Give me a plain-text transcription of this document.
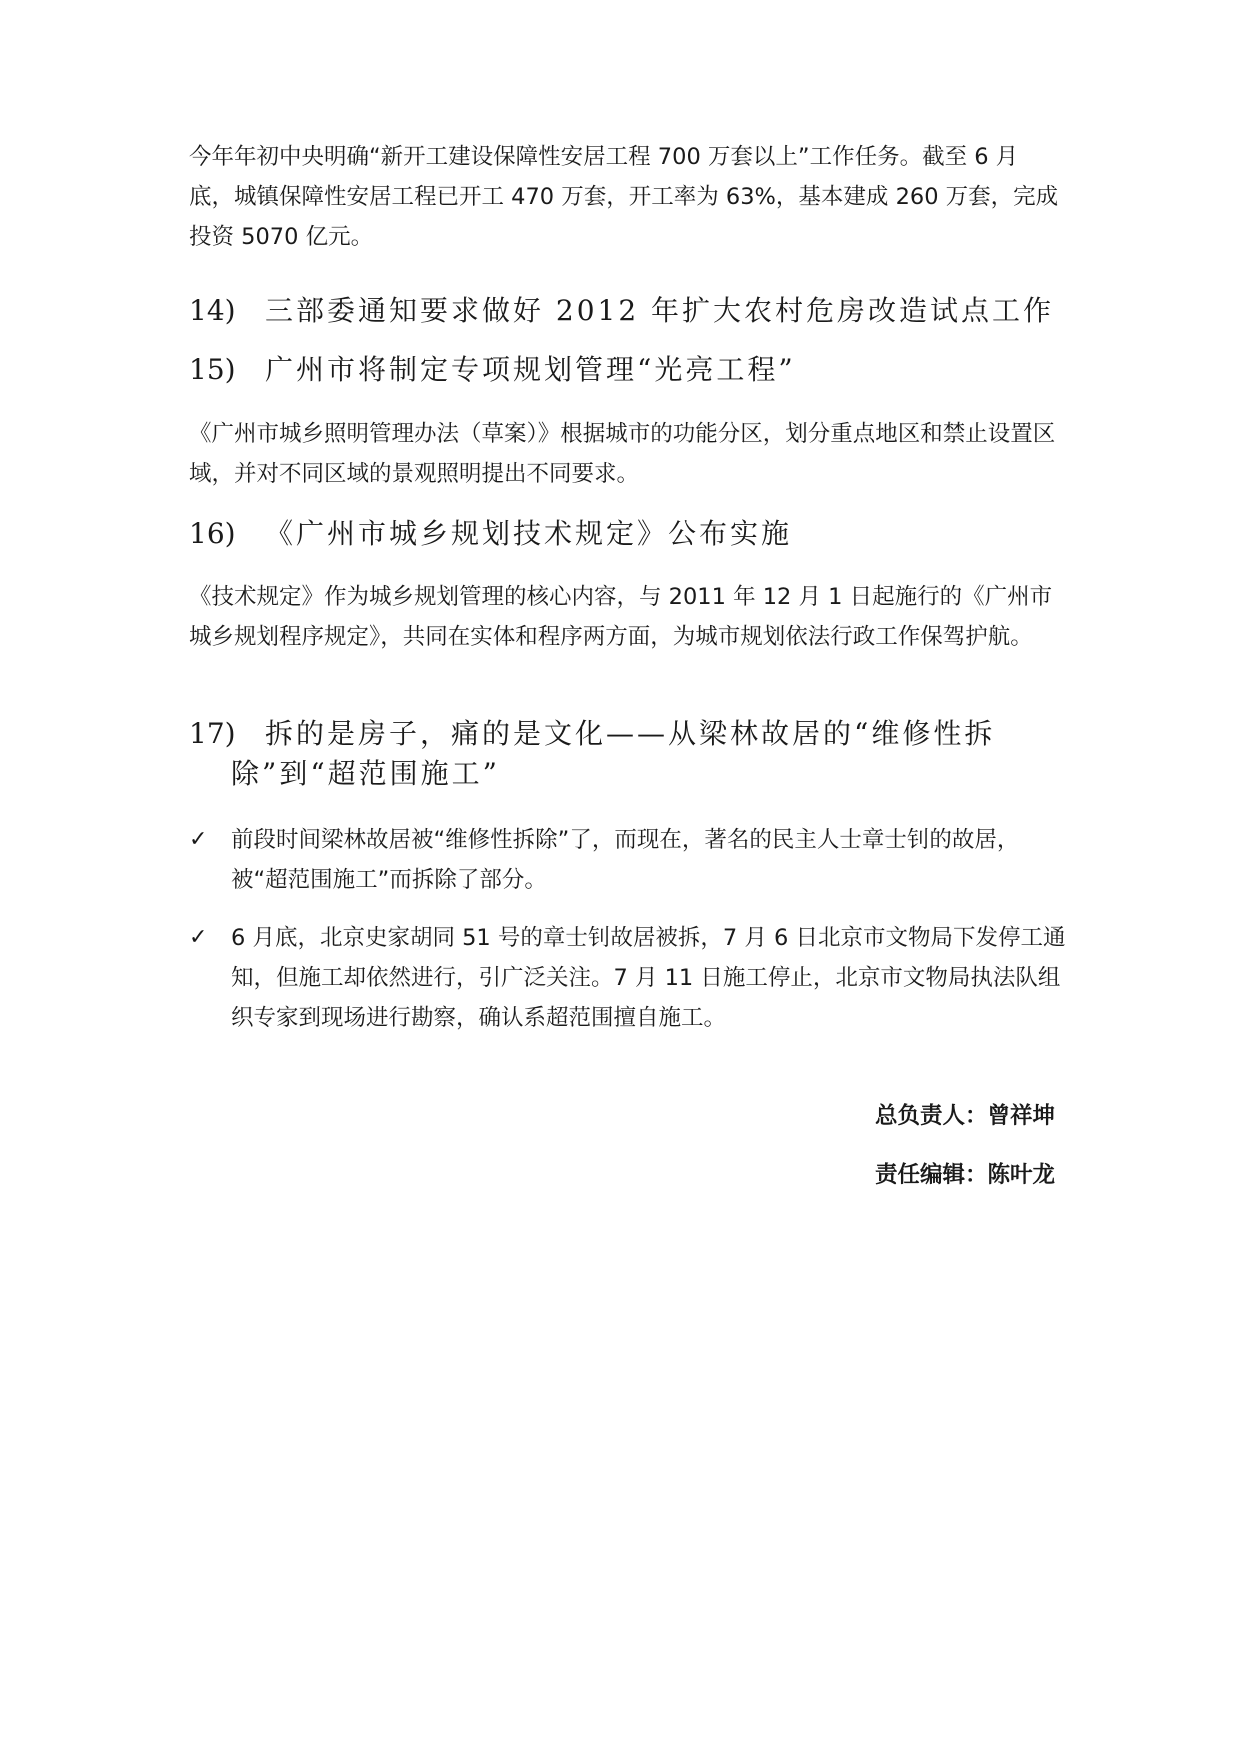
今年年初中央明确“新开工建设保障性安居工程 700 万套以上”工作任务。截至 6 月底，城镇保障性安居工程已开工 470 万套，开工率为 63%，基本建成 260 万套，完成投资 5070 亿元。

14) 三部委通知要求做好 2012 年扩大农村危房改造试点工作
15) 广州市将制定专项规划管理“光亮工程”

《广州市城乡照明管理办法（草案）》根据城市的功能分区，划分重点地区和禁止设置区域，并对不同区域的景观照明提出不同要求。

16) 《广州市城乡规划技术规定》公布实施

《技术规定》作为城乡规划管理的核心内容，与 2011 年 12 月 1 日起施行的《广州市城乡规划程序规定》，共同在实体和程序两方面，为城市规划依法行政工作保驾护航。

17) 拆的是房子，痛的是文化——从梁林故居的“维修性拆
除”到“超范围施工”
✓	前段时间梁林故居被“维修性拆除”了，而现在，著名的民主人士章士钊的故居，被“超范围施工”而拆除了部分。
✓	6 月底，北京史家胡同 51 号的章士钊故居被拆，7 月 6 日北京市文物局下发停工通知，但施工却依然进行，引广泛关注。7 月 11 日施工停止，北京市文物局执法队组织专家到现场进行勘察，确认系超范围擅自施工。
总负责人：曾祥坤
责任编辑：陈叶龙
